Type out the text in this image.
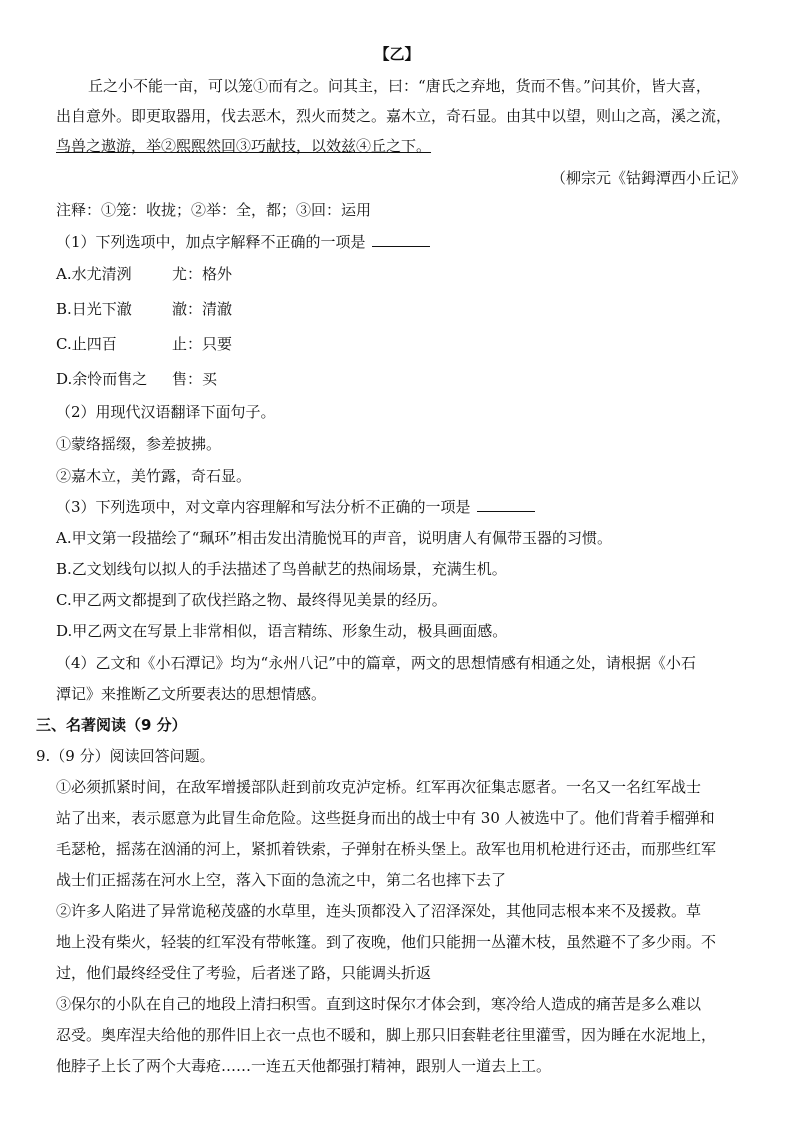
【乙】
丘之小不能一亩，可以笼①而有之。问其主，曰：“唐氏之弃地，货而不售。”问其价，皆大喜，
出自意外。即更取器用，伐去恶木，烈火而焚之。嘉木立，奇石显。由其中以望，则山之高，溪之流，
鸟兽之遨游，举②熙熙然回③巧献技，以效兹④丘之下。
（柳宗元《钴鉧潭西小丘记》
注释：①笼：收拢；②举：全，都；③回：运用
（1）下列选项中，加点字解释不正确的一项是
A.水尤清洌	尤：格外
B.日光下澈	澈：清澈
C.止四百	止：只要
D.余怜而售之 售：买
（2）用现代汉语翻译下面句子。
①蒙络摇缀，参差披拂。
②嘉木立，美竹露，奇石显。
（3）下列选项中，对文章内容理解和写法分析不正确的一项是
A.甲文第一段描绘了“珮环”相击发出清脆悦耳的声音，说明唐人有佩带玉器的习惯。
B.乙文划线句以拟人的手法描述了鸟兽献艺的热闹场景，充满生机。
C.甲乙两文都提到了砍伐拦路之物、最终得见美景的经历。
D.甲乙两文在写景上非常相似，语言精练、形象生动，极具画面感。
（4）乙文和《小石潭记》均为“永州八记”中的篇章，两文的思想情感有相通之处，请根据《小石
潭记》来推断乙文所要表达的思想情感。
三、名著阅读（9 分）
9.（9 分）阅读回答问题。
①必须抓紧时间，在敌军增援部队赶到前攻克泸定桥。红军再次征集志愿者。一名又一名红军战士
站了出来，表示愿意为此冒生命危险。这些挺身而出的战士中有 30 人被选中了。他们背着手榴弹和
毛瑟枪，摇荡在汹涌的河上，紧抓着铁索，子弹射在桥头堡上。敌军也用机枪进行还击，而那些红军
战士们正摇荡在河水上空，落入下面的急流之中，第二名也摔下去了
②许多人陷进了异常诡秘茂盛的水草里，连头顶都没入了沼泽深处，其他同志根本来不及援救。草
地上没有柴火，轻装的红军没有带帐篷。到了夜晚，他们只能拥一丛灌木枝，虽然避不了多少雨。不
过，他们最终经受住了考验，后者迷了路，只能调头折返
③保尔的小队在自己的地段上清扫积雪。直到这时保尔才体会到，寒冷给人造成的痛苦是多么难以
忍受。奥库涅夫给他的那件旧上衣一点也不暖和，脚上那只旧套鞋老往里灌雪，因为睡在水泥地上，
他脖子上长了两个大毒疮……一连五天他都强打精神，跟别人一道去上工。
